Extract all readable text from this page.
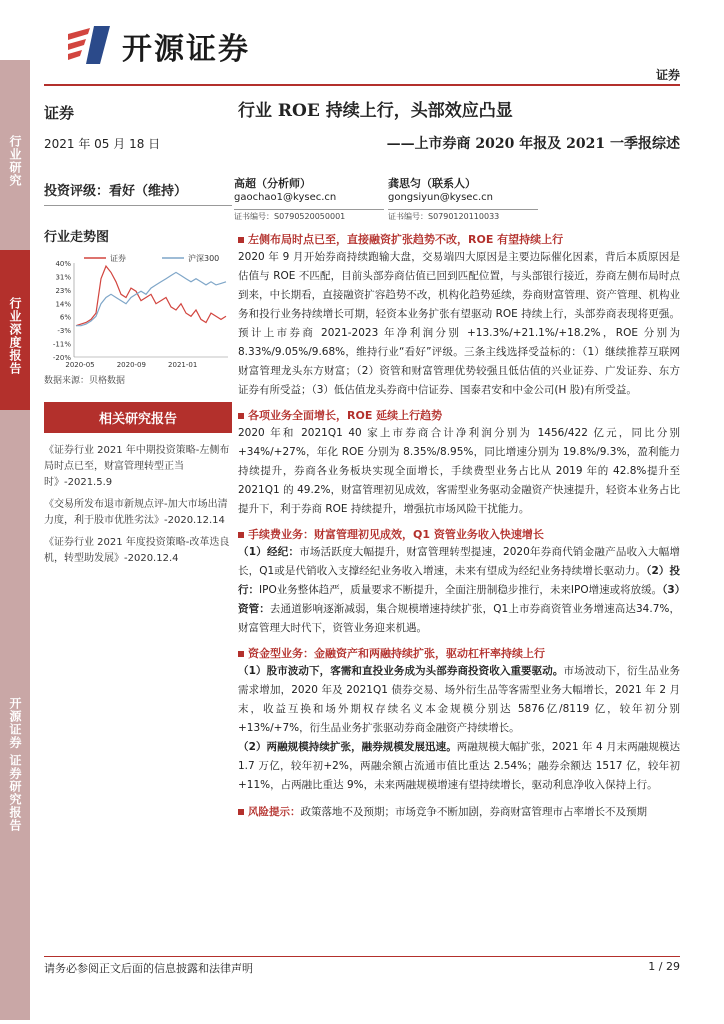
开源证券
证券
行业研究
行业深度报告
开源证券 证券研究报告
证券
2021 年 05 月 18 日
投资评级：看好（维持）
行业走势图
40%
31%
23%
14%
6%
-3%
-11%
-20%
2020-05	2020-09	2021-01
证券	沪深300
数据来源：贝格数据
相关研究报告
《证券行业 2021 年中期投资策略-左侧布局时点已至，财富管理转型正当时》-2021.5.9
《交易所发布退市新规点评-加大市场出清力度，利于股市优胜劣汰》-2020.12.14
《证券行业 2021 年度投资策略-改革迭良机，转型助发展》-2020.12.4
行业 ROE 持续上行，头部效应凸显
——上市券商 2020 年报及 2021 一季报综述
高超（分析师）
gaochao1@kysec.cn
证书编号：S0790520050001
龚思匀（联系人）
gongsiyun@kysec.cn
证书编号：S0790120110033
左侧布局时点已至，直接融资扩张趋势不改，ROE 有望持续上行
2020 年 9 月开始券商持续跑输大盘，交易端四大原因是主要边际催化因素，背后本质原因是估值与 ROE 不匹配，目前头部券商估值已回到匹配位置，与头部银行接近，券商左侧布局时点到来，中长期看，直接融资扩容趋势不改，机构化趋势延续，券商财富管理、资产管理、机构业务和投行业务持续增长可期，轻资本业务扩张有望驱动 ROE 持续上行，头部券商表现将更强。预计上市券商 2021-2023 年净利润分别 +13.3%/+21.1%/+18.2%，ROE 分别为 8.33%/9.05%/9.68%，维持行业“看好”评级。三条主线选择受益标的：（1）继续推荐互联网财富管理龙头东方财富；（2）资管和财富管理优势较强且低估值的兴业证券、广发证券、东方证券有所受益；（3）低估值龙头券商中信证券、国泰君安和中金公司(H 股)有所受益。
各项业务全面增长，ROE 延续上行趋势
2020 年和 2021Q1 40 家上市券商合计净利润分别为 1456/422 亿元，同比分别+34%/+27%，年化 ROE 分别为 8.35%/8.95%，同比增速分别为 19.8%/9.3%，盈利能力持续提升，券商各业务板块实现全面增长，手续费型业务占比从 2019 年的 42.8%提升至 2021Q1 的 49.2%，财富管理初见成效，客需型业务驱动金融资产快速提升，轻资本业务占比提升下，利于券商 ROE 持续提升，增强抗市场风险干扰能力。
手续费业务：财富管理初见成效，Q1 资管业务收入快速增长
（1）经纪：市场活跃度大幅提升，财富管理转型提速，2020年券商代销金融产品收入大幅增长，Q1或是代销收入支撑经纪业务收入增速，未来有望成为经纪业务持续增长驱动力。（2）投行：IPO业务整体趋严，质量要求不断提升，全面注册制稳步推行，未来IPO增速或将放缓。（3）资管：去通道影响逐渐减弱，集合规模增速持续扩张，Q1上市券商资管业务增速高达34.7%，财富管理大时代下，资管业务迎来机遇。
资金型业务：金融资产和两融持续扩张，驱动杠杆率持续上行
（1）股市波动下，客需和直投业务成为头部券商投资收入重要驱动。市场波动下，衍生品业务需求增加，2020 年及 2021Q1 债券交易、场外衍生品等客需型业务大幅增长，2021 年 2 月末，收益互换和场外期权存续名义本金规模分别达 5876亿/8119 亿，较年初分别+13%/+7%，衍生品业务扩张驱动券商金融资产持续增长。
（2）两融规模持续扩张，融券规模发展迅速。两融规模大幅扩张，2021 年 4 月末两融规模达 1.7 万亿，较年初+2%，两融余额占流通市值比重达 2.54%；融券余额达 1517 亿，较年初+11%，占两融比重达 9%，未来两融规模增速有望持续增长，驱动利息净收入保持上行。
风险提示：政策落地不及预期；市场竞争不断加剧，券商财富管理市占率增长不及预期
请务必参阅正文后面的信息披露和法律声明	1 / 29
